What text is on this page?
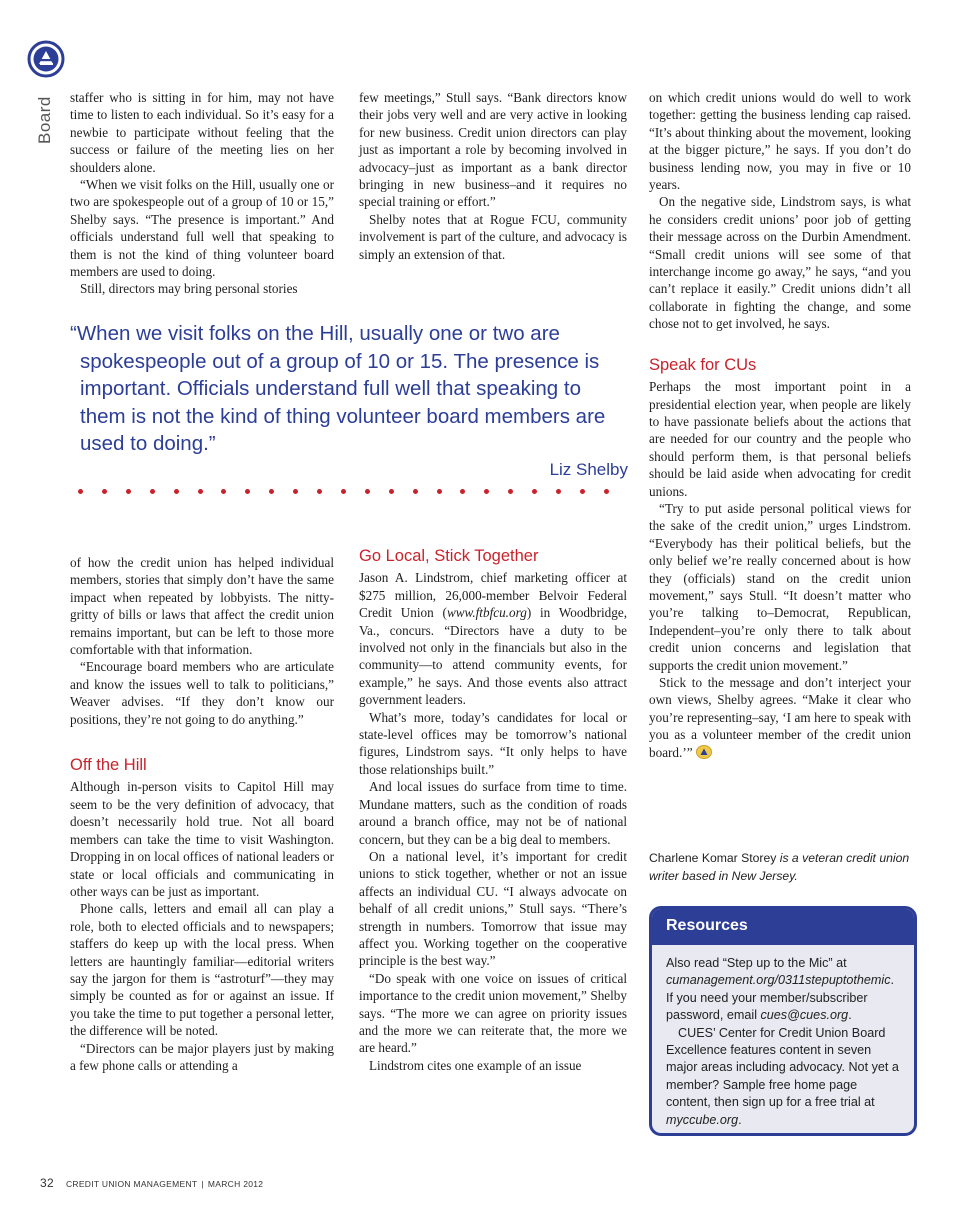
Board staffer who is sitting in for him, may not have time to listen to each individual. So it’s easy for a newbie to participate without feeling that the success or failure of the meeting lies on her shoulders alone.

“When we visit folks on the Hill, usually one or two are spokespeople out of a group of 10 or 15,” Shelby says. “The presence is important.” And officials understand full well that speaking to them is not the kind of thing volunteer board members are used to doing.

Still, directors may bring personal stories

few meetings,” Stull says. “Bank directors know their jobs very well and are very active in looking for new business. Credit union directors can play just as important a role by becoming involved in advocacy–just as important as a bank director bringing in new business–and it requires no special training or effort.”

Shelby notes that at Rogue FCU, community involvement is part of the culture, and advocacy is simply an extension of that.

“When we visit folks on the Hill, usually one or two are spokespeople out of a group of 10 or 15. The presence is important. Officials understand full well that speaking to them is not the kind of thing volunteer board members are used to doing.”

Liz Shelby

of how the credit union has helped individual members, stories that simply don’t have the same impact when repeated by lobbyists. The nitty-gritty of bills or laws that affect the credit union remains important, but can be left to those more comfortable with that information.

“Encourage board members who are articulate and know the issues well to talk to politicians,” Weaver advises. “If they don’t know our positions, they’re not going to do anything.”

Off the Hill

Although in-person visits to Capitol Hill may seem to be the very definition of advocacy, that doesn’t necessarily hold true. Not all board members can take the time to visit Washington. Dropping in on local offices of national leaders or state or local officials and communicating in other ways can be just as important.

Phone calls, letters and email all can play a role, both to elected officials and to newspapers; staffers do keep up with the local press. When letters are hauntingly familiar—editorial writers say the jargon for them is “astroturf”—they may simply be counted as for or against an issue. If you take the time to put together a personal letter, the difference will be noted.

“Directors can be major players just by making a few phone calls or attending a

Go Local, Stick Together

Jason A. Lindstrom, chief marketing officer at $275 million, 26,000-member Belvoir Federal Credit Union (www.ftbfcu.org) in Woodbridge, Va., concurs. “Directors have a duty to be involved not only in the financials but also in the community—to attend community events, for example,” he says. And those events also attract government leaders.

What’s more, today’s candidates for local or state-level offices may be tomorrow’s national figures, Lindstrom says. “It only helps to have those relationships built.”

And local issues do surface from time to time. Mundane matters, such as the condition of roads around a branch office, may not be of national concern, but they can be a big deal to members.

On a national level, it’s important for credit unions to stick together, whether or not an issue affects an individual CU. “I always advocate on behalf of all credit unions,” Stull says. “There’s strength in numbers. Tomorrow that issue may affect you. Working together on the cooperative principle is the best way.”

“Do speak with one voice on issues of critical importance to the credit union movement,” Shelby says. “The more we can agree on priority issues and the more we can reiterate that, the more we are heard.”

Lindstrom cites one example of an issue

on which credit unions would do well to work together: getting the business lending cap raised. “It’s about thinking about the movement, looking at the bigger picture,” he says. If you don’t do business lending now, you may in five or 10 years.

On the negative side, Lindstrom says, is what he considers credit unions’ poor job of getting their message across on the Durbin Amendment. “Small credit unions will see some of that interchange income go away,” he says, “and you can’t replace it easily.” Credit unions didn’t all collaborate in fighting the change, and some chose not to get involved, he says.

Speak for CUs

Perhaps the most important point in a presidential election year, when people are likely to have passionate beliefs about the actions that are needed for our country and the people who should perform them, is that personal beliefs should be laid aside when advocating for credit unions.

“Try to put aside personal political views for the sake of the credit union,” urges Lindstrom. “Everybody has their political beliefs, but the only belief we’re really concerned about is how they (officials) stand on the credit union movement,” says Stull. “It doesn’t matter who you’re talking to–Democrat, Republican, Independent–you’re only there to talk about credit union concerns and legislation that supports the credit union movement.”

Stick to the message and don’t interject your own views, Shelby agrees. “Make it clear who you’re representing–say, ‘I am here to speak with you as a volunteer member of the credit union board.’”

Charlene Komar Storey is a veteran credit union writer based in New Jersey.
Resources

Also read “Step up to the Mic” at cumanagement.org/0311stepuptothemic. If you need your member/subscriber password, email cues@cues.org.

CUES’ Center for Credit Union Board Excellence features content in seven major areas including advocacy. Not yet a member? Sample free home page content, then sign up for a free trial at myccube.org.

32 CREDIT UNION MANAGEMENT | MARCH 2012
